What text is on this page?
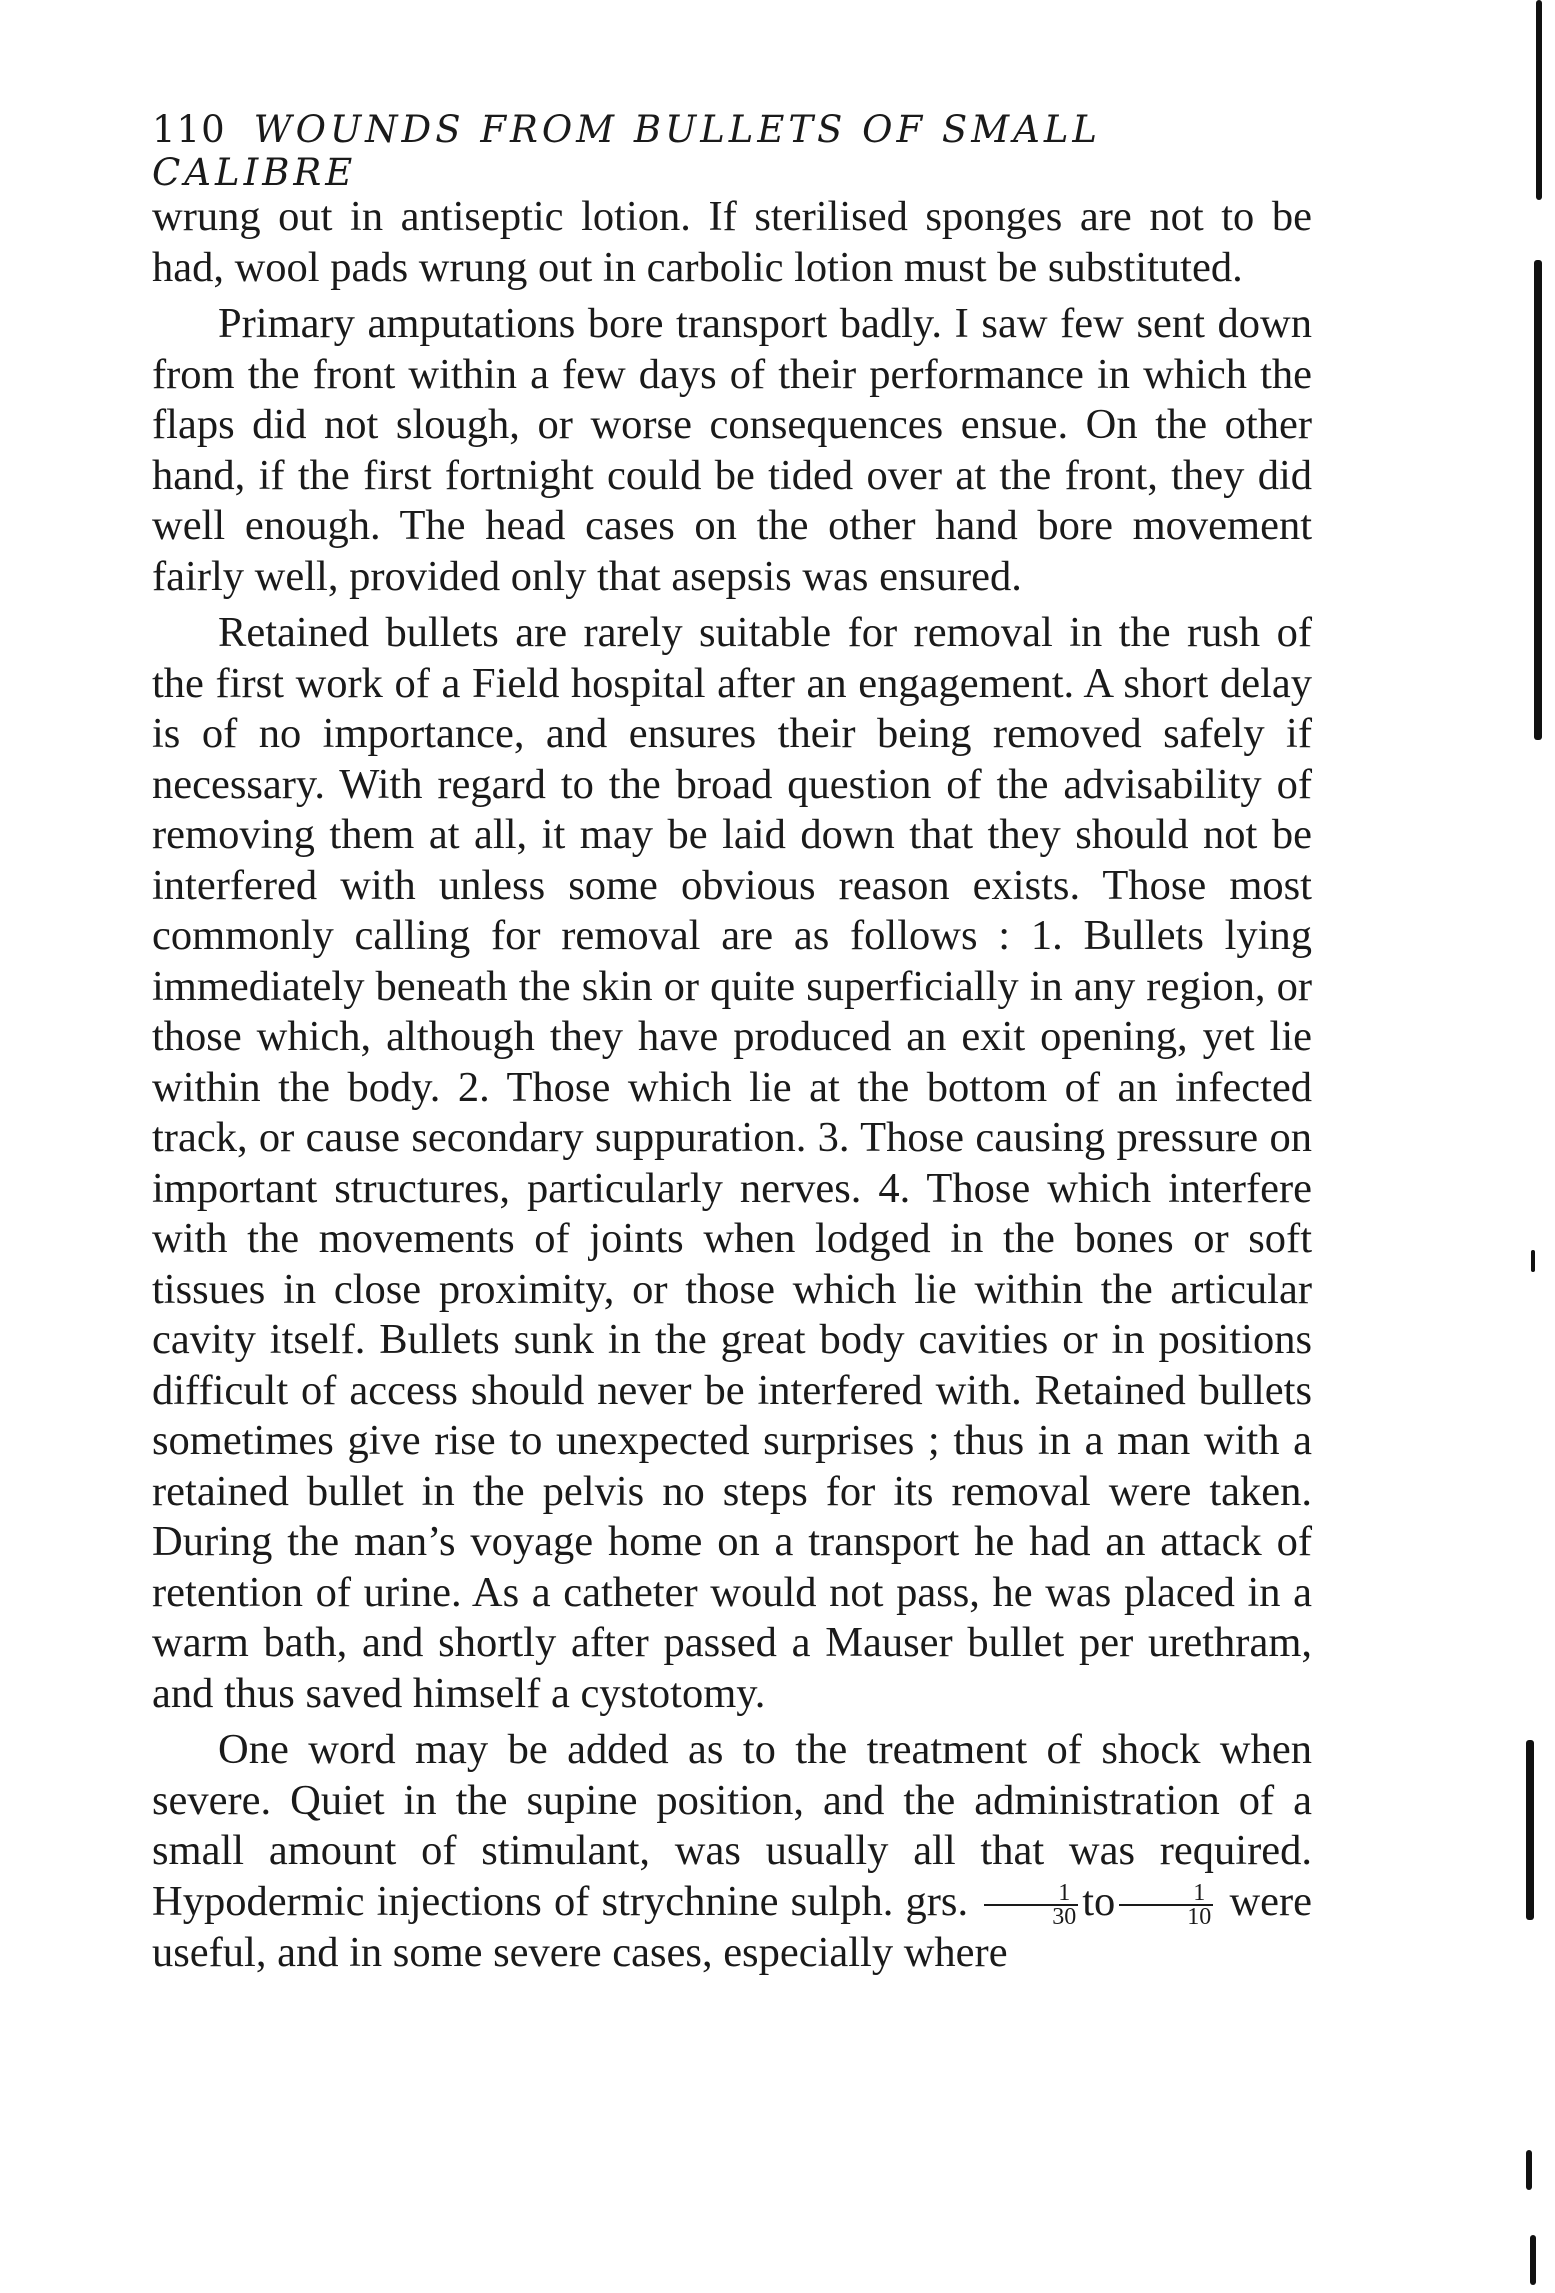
110 WOUNDS FROM BULLETS OF SMALL CALIBRE

wrung out in antiseptic lotion. If sterilised sponges are not to be had, wool pads wrung out in carbolic lotion must be substituted.

Primary amputations bore transport badly. I saw few sent down from the front within a few days of their performance in which the flaps did not slough, or worse consequences ensue. On the other hand, if the first fortnight could be tided over at the front, they did well enough. The head cases on the other hand bore movement fairly well, provided only that asepsis was ensured.

Retained bullets are rarely suitable for removal in the rush of the first work of a Field hospital after an engagement. A short delay is of no importance, and ensures their being removed safely if necessary. With regard to the broad question of the advisability of removing them at all, it may be laid down that they should not be interfered with unless some obvious reason exists. Those most commonly calling for removal are as follows : 1. Bullets lying immediately beneath the skin or quite superficially in any region, or those which, although they have produced an exit opening, yet lie within the body. 2. Those which lie at the bottom of an infected track, or cause secondary suppuration. 3. Those causing pressure on important structures, particularly nerves. 4. Those which interfere with the movements of joints when lodged in the bones or soft tissues in close proximity, or those which lie within the articular cavity itself. Bullets sunk in the great body cavities or in positions difficult of access should never be interfered with. Retained bullets sometimes give rise to unexpected surprises ; thus in a man with a retained bullet in the pelvis no steps for its removal were taken. During the man’s voyage home on a transport he had an attack of retention of urine. As a catheter would not pass, he was placed in a warm bath, and shortly after passed a Mauser bullet per urethram, and thus saved himself a cystotomy.

One word may be added as to the treatment of shock when severe. Quiet in the supine position, and the administration of a small amount of stimulant, was usually all that was required. Hypodermic injections of strychnine sulph. grs. $\frac{1}{30}$ to $\frac{1}{10}$ were useful, and in some severe cases, especially where
